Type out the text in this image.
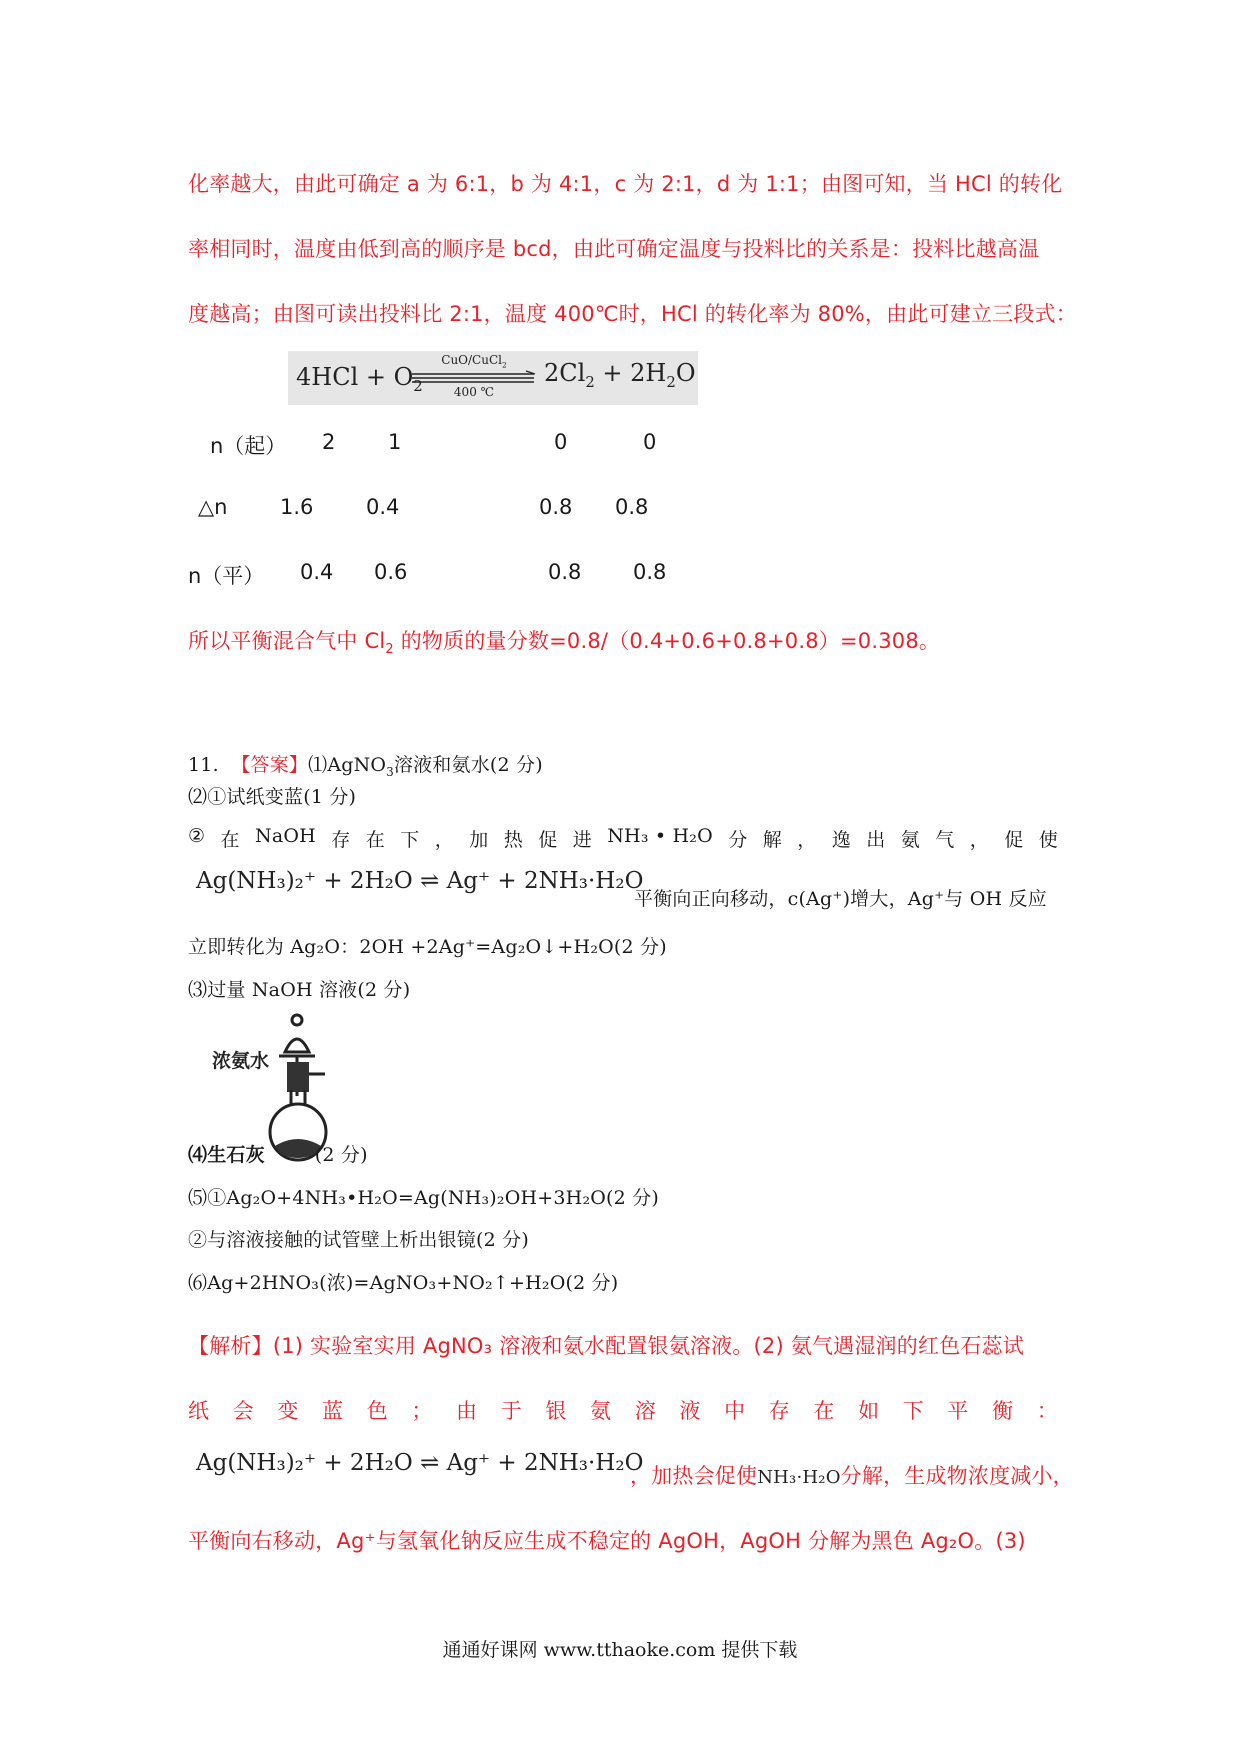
化率越大，由此可确定 a 为 6:1，b 为 4:1，c 为 2:1，d 为 1:1；由图可知，当 HCl 的转化
率相同时，温度由低到高的顺序是 bcd，由此可确定温度与投料比的关系是：投料比越高温
度越高；由图可读出投料比 2:1，温度 400℃时，HCl 的转化率为 80%，由此可建立三段式：
$4HCl + O_2$
CuO/CuCl$_2$
400 ℃
$2Cl_2 + 2H_2O$
n（起） 2	1	0	0
△n	1.6	0.4	0.8 0.8
n（平） 0.4 0.6	0.8 0.8
所以平衡混合气中 $Cl_2$ 的物质的量分数=0.8/（0.4+0.6+0.8+0.8）=0.308。
11. 【答案】⑴AgNO$_3$溶液和氨水(2 分)
⑵①试纸变蓝(1 分)
② 在 NaOH 存 在 下 ， 加 热 促 进 NH₃ • H₂O 分 解 ， 逸 出 氨 气 ， 促 使
Ag(NH₃)₂⁺ + 2H₂O ⇌ Ag⁺ + 2NH₃·H₂O
平衡向正向移动，c(Ag⁺)增大，Ag⁺与 OH 反应
立即转化为 Ag₂O：2OH +2Ag⁺=Ag₂O↓+H₂O(2 分)
⑶过量 NaOH 溶液(2 分)
浓氨水
⑷生石灰	(2 分)
⑸①Ag₂O+4NH₃•H₂O=Ag(NH₃)₂OH+3H₂O(2 分)
②与溶液接触的试管壁上析出银镜(2 分)
⑹Ag+2HNO₃(浓)=AgNO₃+NO₂↑+H₂O(2 分)
【解析】(1) 实验室实用 AgNO₃ 溶液和氨水配置银氨溶液。(2) 氨气遇湿润的红色石蕊试
纸 会 变 蓝 色 ； 由 于 银 氨 溶 液 中 存 在 如 下 平 衡 ：
Ag(NH₃)₂⁺ + 2H₂O ⇌ Ag⁺ + 2NH₃·H₂O
，加热会促使NH₃·H₂O分解，生成物浓度减小，
平衡向右移动，Ag⁺与氢氧化钠反应生成不稳定的 AgOH，AgOH 分解为黑色 Ag₂O。(3)
通通好课网 www.tthaoke.com 提供下载
